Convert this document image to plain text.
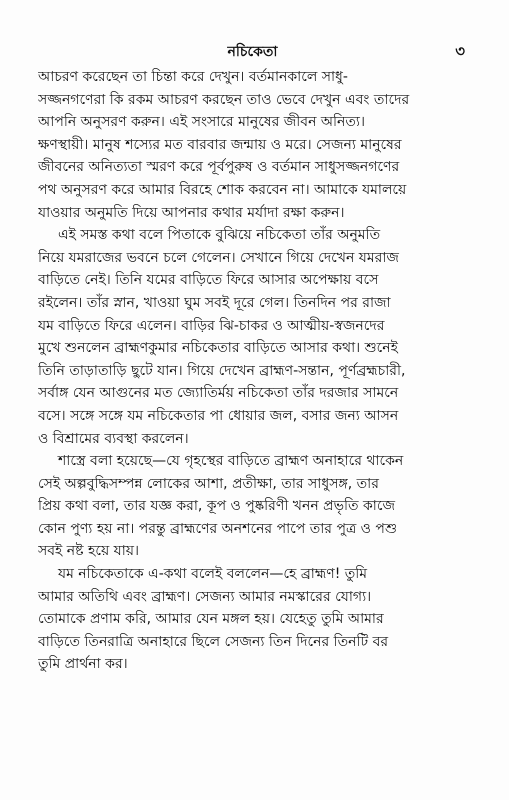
নচিকেতা	৩
আচরণ করেছেন তা চিন্তা করে দেখুন। বর্তমানকালে সাধু-
সজ্জনগণেরা কি রকম আচরণ করছেন তাও ভেবে দেখুন এবং তাদের
আপনি অনুসরণ করুন। এই সংসারে মানুষের জীবন অনিত্য।
ক্ষণস্থায়ী। মানুষ শস্যের মত বারবার জন্মায় ও মরে। সেজন্য মানুষের
জীবনের অনিত্যতা স্মরণ করে পূর্বপুরুষ ও বর্তমান সাধুসজ্জনগণের
পথ অনুসরণ করে আমার বিরহে শোক করবেন না। আমাকে যমালয়ে
যাওয়ার অনুমতি দিয়ে আপনার কথার মর্যাদা রক্ষা করুন।
এই সমস্ত কথা বলে পিতাকে বুঝিয়ে নচিকেতা তাঁর অনুমতি
নিয়ে যমরাজের ভবনে চলে গেলেন। সেখানে গিয়ে দেখেন যমরাজ
বাড়িতে নেই। তিনি যমের বাড়িতে ফিরে আসার অপেক্ষায় বসে
রইলেন। তাঁর স্নান, খাওয়া ঘুম সবই দূরে গেল। তিনদিন পর রাজা
যম বাড়িতে ফিরে এলেন। বাড়ির ঝি-চাকর ও আত্মীয়-স্বজনদের
মুখে শুনলেন ব্রাহ্মণকুমার নচিকেতার বাড়িতে আসার কথা। শুনেই
তিনি তাড়াতাড়ি ছুটে যান। গিয়ে দেখেন ব্রাহ্মণ-সন্তান, পূর্ণব্রহ্মচারী,
সর্বাঙ্গ যেন আগুনের মত জ্যোতির্ময় নচিকেতা তাঁর দরজার সামনে
বসে। সঙ্গে সঙ্গে যম নচিকেতার পা ধোয়ার জল, বসার জন্য আসন
ও বিশ্রামের ব্যবস্থা করলেন।
শাস্ত্রে বলা হয়েছে—যে গৃহস্থের বাড়িতে ব্রাহ্মণ অনাহারে থাকেন
সেই অল্পবুদ্ধিসম্পন্ন লোকের আশা, প্রতীক্ষা, তার সাধুসঙ্গ, তার
প্রিয় কথা বলা, তার যজ্ঞ করা, কূপ ও পুষ্করিণী খনন প্রভৃতি কাজে
কোন পুণ্য হয় না। পরন্তু ব্রাহ্মণের অনশনের পাপে তার পুত্র ও পশু
সবই নষ্ট হয়ে যায়।
যম নচিকেতাকে এ-কথা বলেই বললেন—হে ব্রাহ্মণ! তুমি
আমার অতিথি এবং ব্রাহ্মণ। সেজন্য আমার নমস্কারের যোগ্য।
তোমাকে প্রণাম করি, আমার যেন মঙ্গল হয়। যেহেতু তুমি আমার
বাড়িতে তিনরাত্রি অনাহারে ছিলে সেজন্য তিন দিনের তিনটি বর
তুমি প্রার্থনা কর।
